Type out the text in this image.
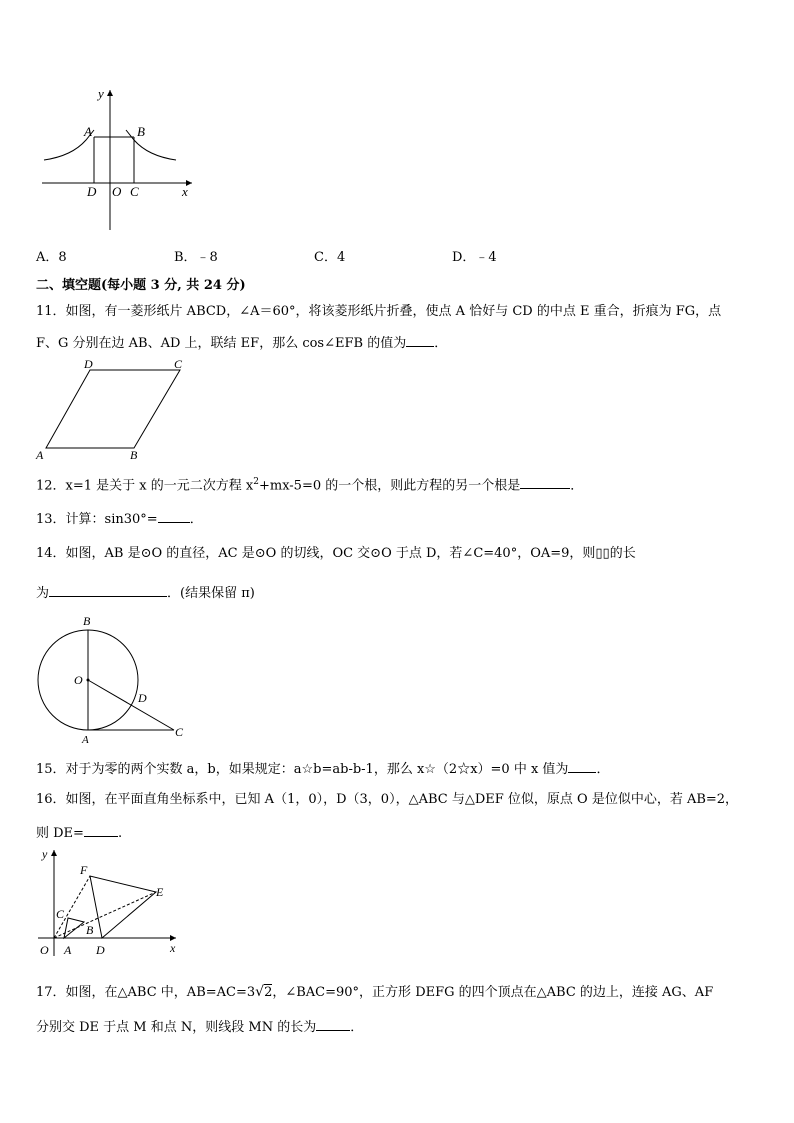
y
x
A	B
D O C
A．8	B．﹣8	C．4	D．﹣4
二、填空题(每小题 3 分, 共 24 分)
11．如图，有一菱形纸片 ABCD，∠A＝60°，将该菱形纸片折叠，使点 A 恰好与 CD 的中点 E 重合，折痕为 FG，点
F、G 分别在边 AB、AD 上，联结 EF，那么 cos∠EFB 的值为 ．
D	C
A	B
12．x=1 是关于 x 的一元二次方程 $x^2+mx-5=0$ 的一个根，则此方程的另一个根是	．
13．计算：sin30°= ．
14．如图，AB 是⊙O 的直径，AC 是⊙O 的切线，OC 交⊙O 于点 D，若∠C=40°，OA=9，则▯▯的长
为	．(结果保留 π)
B
O
D
A
C
15．对于为零的两个实数 a，b，如果规定：a☆b=ab-b-1，那么 x☆（2☆x）=0 中 x 值为 ．
16．如图，在平面直角坐标系中，已知 A（1，0），D（3，0），△ABC 与△DEF 位似，原点 O 是位似中心，若 AB=2，
则 DE=	.
y
x
O A
B
C
D
E
F
17．如图，在△ABC 中，AB=AC=3√2，∠BAC=90°，正方形 DEFG 的四个顶点在△ABC 的边上，连接 AG、AF
分别交 DE 于点 M 和点 N，则线段 MN 的长为	．
